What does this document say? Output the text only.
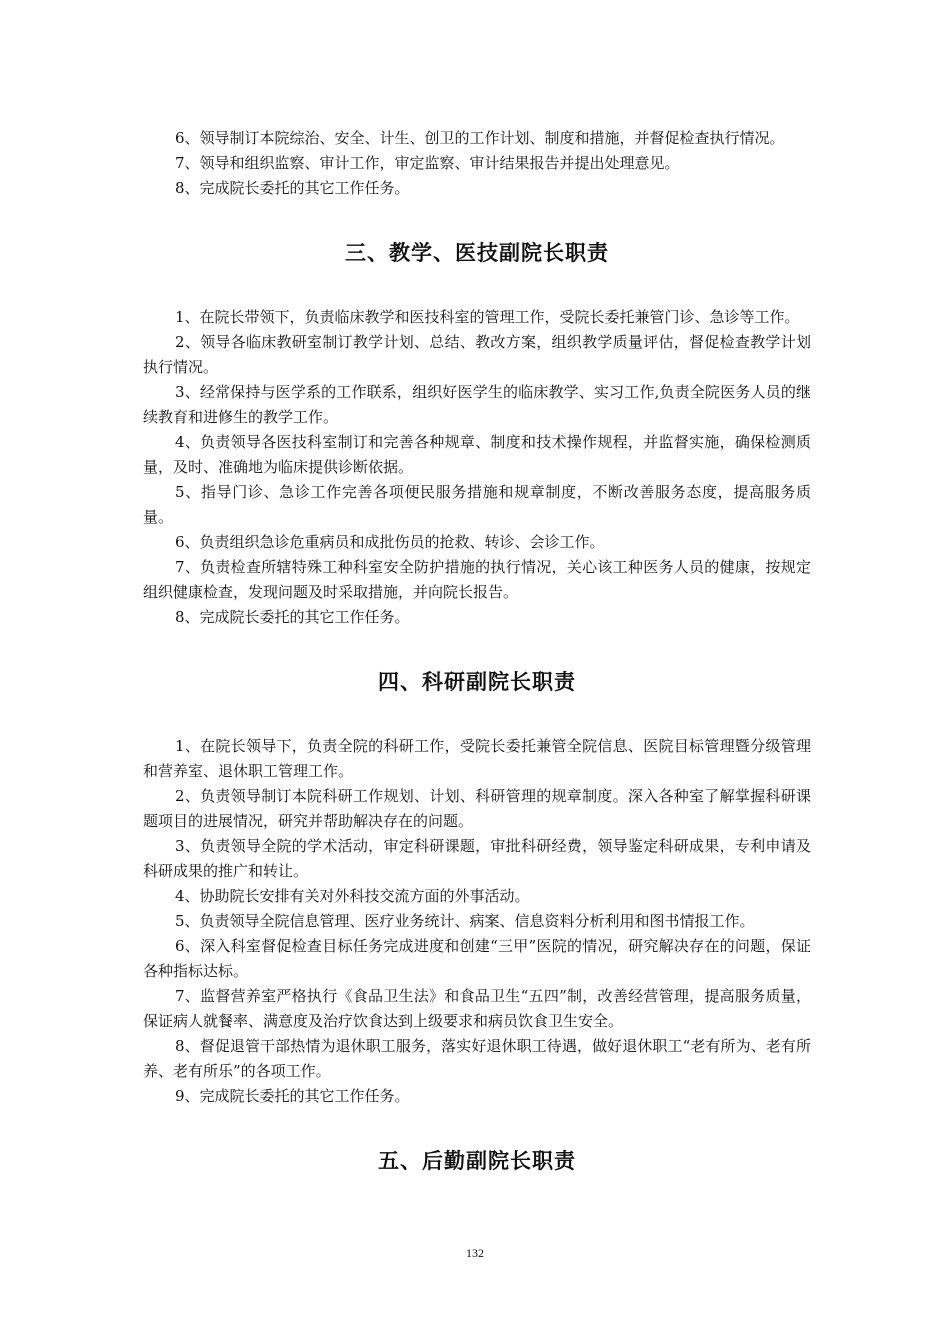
6、领导制订本院综治、安全、计生、创卫的工作计划、制度和措施，并督促检查执行情况。

7、领导和组织监察、审计工作，审定监察、审计结果报告并提出处理意见。

8、完成院长委托的其它工作任务。

三、教学、医技副院长职责

1、在院长带领下，负责临床教学和医技科室的管理工作，受院长委托兼管门诊、急诊等工作。

2、领导各临床教研室制订教学计划、总结、教改方案，组织教学质量评估，督促检查教学计划执行情况。

3、经常保持与医学系的工作联系，组织好医学生的临床教学、实习工作,负责全院医务人员的继续教育和进修生的教学工作。

4、负责领导各医技科室制订和完善各种规章、制度和技术操作规程，并监督实施，确保检测质量，及时、准确地为临床提供诊断依据。

5、指导门诊、急诊工作完善各项便民服务措施和规章制度，不断改善服务态度，提高服务质量。

6、负责组织急诊危重病员和成批伤员的抢救、转诊、会诊工作。

7、负责检查所辖特殊工种科室安全防护措施的执行情况，关心该工种医务人员的健康，按规定组织健康检查，发现问题及时采取措施，并向院长报告。

8、完成院长委托的其它工作任务。

四、科研副院长职责

1、在院长领导下，负责全院的科研工作，受院长委托兼管全院信息、医院目标管理暨分级管理和营养室、退休职工管理工作。

2、负责领导制订本院科研工作规划、计划、科研管理的规章制度。深入各种室了解掌握科研课题项目的进展情况，研究并帮助解决存在的问题。

3、负责领导全院的学术活动，审定科研课题，审批科研经费，领导鉴定科研成果，专利申请及科研成果的推广和转让。

4、协助院长安排有关对外科技交流方面的外事活动。

5、负责领导全院信息管理、医疗业务统计、病案、信息资料分析利用和图书情报工作。

6、深入科室督促检查目标任务完成进度和创建“三甲”医院的情况，研究解决存在的问题，保证各种指标达标。

7、监督营养室严格执行《食品卫生法》和食品卫生“五四”制，改善经营管理，提高服务质量，保证病人就餐率、满意度及治疗饮食达到上级要求和病员饮食卫生安全。

8、督促退管干部热情为退休职工服务，落实好退休职工待遇，做好退休职工“老有所为、老有所养、老有所乐”的各项工作。

9、完成院长委托的其它工作任务。

五、后勤副院长职责
132
